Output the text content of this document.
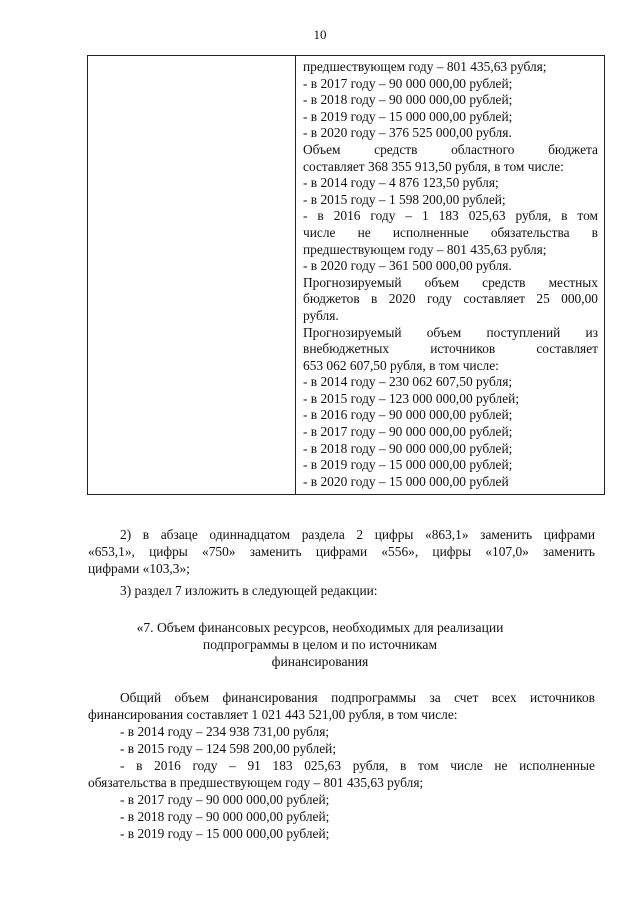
10

предшествующем году – 801 435,63 рубля;
- в 2017 году – 90 000 000,00 рублей;
- в 2018 году – 90 000 000,00 рублей;
- в 2019 году – 15 000 000,00 рублей;
- в 2020 году – 376 525 000,00 рубля.
Объем средств областного бюджета
составляет 368 355 913,50 рубля, в том числе:
- в 2014 году – 4 876 123,50 рубля;
- в 2015 году – 1 598 200,00 рублей;
- в 2016 году – 1 183 025,63 рубля, в том
числе не исполненные обязательства в
предшествующем году – 801 435,63 рубля;
- в 2020 году – 361 500 000,00 рубля.
Прогнозируемый объем средств местных
бюджетов в 2020 году составляет 25 000,00
рубля.
Прогнозируемый объем поступлений из
внебюджетных источников составляет
653 062 607,50 рубля, в том числе:
- в 2014 году – 230 062 607,50 рубля;
- в 2015 году – 123 000 000,00 рублей;
- в 2016 году – 90 000 000,00 рублей;
- в 2017 году – 90 000 000,00 рублей;
- в 2018 году – 90 000 000,00 рублей;
- в 2019 году – 15 000 000,00 рублей;
- в 2020 году – 15 000 000,00 рублей
2) в абзаце одиннадцатом раздела 2 цифры «863,1» заменить цифрами
«653,1», цифры «750» заменить цифрами «556», цифры «107,0» заменить
цифрами «103,3»;
3) раздел 7 изложить в следующей редакции:
«7. Объем финансовых ресурсов, необходимых для реализации
подпрограммы в целом и по источникам
финансирования
Общий объем финансирования подпрограммы за счет всех источников
финансирования составляет 1 021 443 521,00 рубля, в том числе:
- в 2014 году – 234 938 731,00 рубля;
- в 2015 году – 124 598 200,00 рублей;
- в 2016 году – 91 183 025,63 рубля, в том числе не исполненные
обязательства в предшествующем году – 801 435,63 рубля;
- в 2017 году – 90 000 000,00 рублей;
- в 2018 году – 90 000 000,00 рублей;
- в 2019 году – 15 000 000,00 рублей;
